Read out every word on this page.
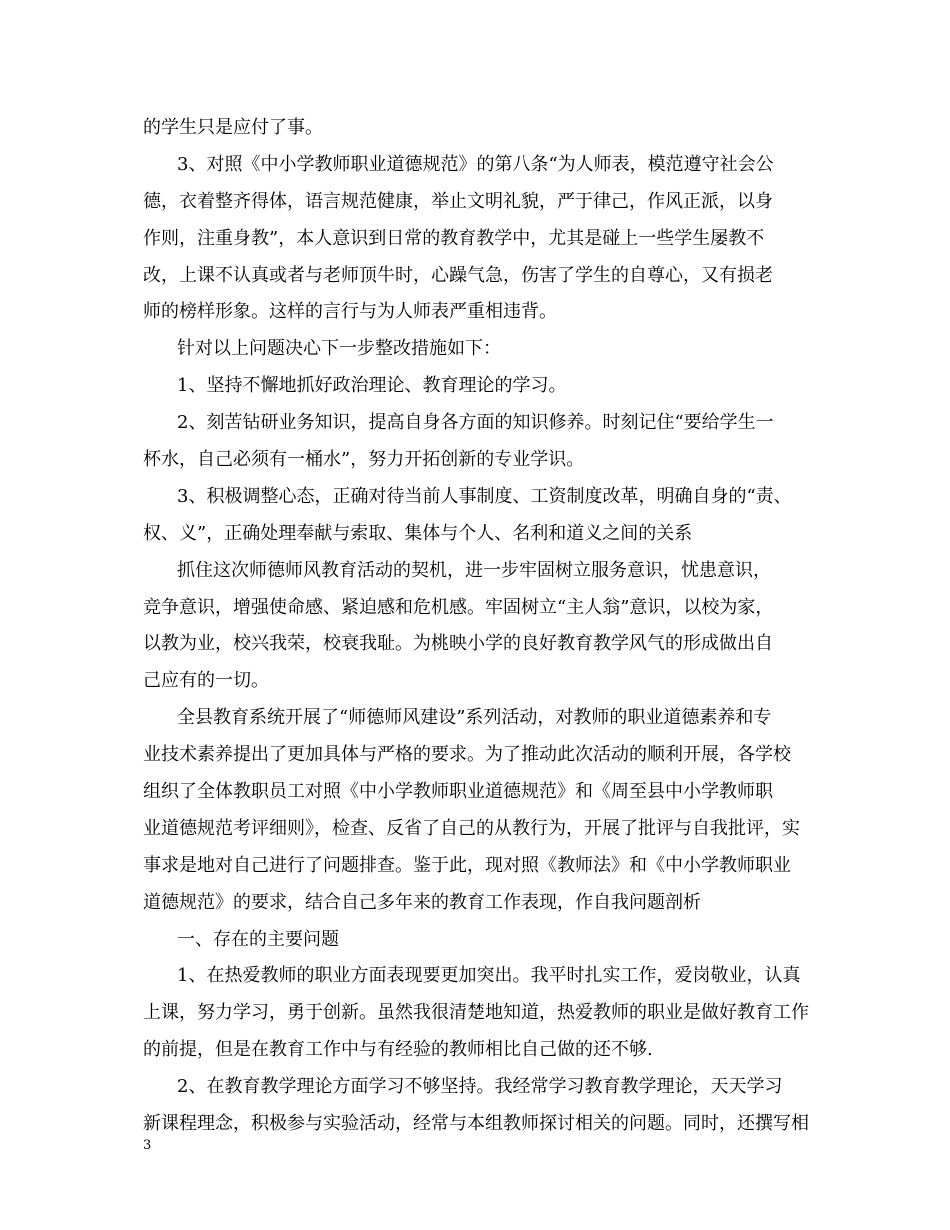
的学生只是应付了事。
3、对照《中小学教师职业道德规范》的第八条“为人师表，模范遵守社会公
德，衣着整齐得体，语言规范健康，举止文明礼貌，严于律己，作风正派，以身
作则，注重身教”，本人意识到日常的教育教学中，尤其是碰上一些学生屡教不
改，上课不认真或者与老师顶牛时，心躁气急，伤害了学生的自尊心，又有损老
师的榜样形象。这样的言行与为人师表严重相违背。
针对以上问题决心下一步整改措施如下：
1、坚持不懈地抓好政治理论、教育理论的学习。
2、刻苦钻研业务知识，提高自身各方面的知识修养。时刻记住“要给学生一
杯水，自己必须有一桶水”，努力开拓创新的专业学识。
3、积极调整心态，正确对待当前人事制度、工资制度改革，明确自身的“责、
权、义”，正确处理奉献与索取、集体与个人、名利和道义之间的关系
抓住这次师德师风教育活动的契机，进一步牢固树立服务意识，忧患意识，
竞争意识，增强使命感、紧迫感和危机感。牢固树立“主人翁”意识，以校为家，
以教为业，校兴我荣，校衰我耻。为桃映小学的良好教育教学风气的形成做出自
己应有的一切。
全县教育系统开展了“师德师风建设”系列活动，对教师的职业道德素养和专
业技术素养提出了更加具体与严格的要求。为了推动此次活动的顺利开展，各学校
组织了全体教职员工对照《中小学教师职业道德规范》和《周至县中小学教师职
业道德规范考评细则》，检查、反省了自己的从教行为，开展了批评与自我批评，实
事求是地对自己进行了问题排查。鉴于此，现对照《教师法》和《中小学教师职业
道德规范》的要求，结合自己多年来的教育工作表现，作自我问题剖析
一、存在的主要问题
1、在热爱教师的职业方面表现要更加突出。我平时扎实工作，爱岗敬业，认真
上课，努力学习，勇于创新。虽然我很清楚地知道，热爱教师的职业是做好教育工作
的前提，但是在教育工作中与有经验的教师相比自己做的还不够.
2、在教育教学理论方面学习不够坚持。我经常学习教育教学理论，天天学习
新课程理念，积极参与实验活动，经常与本组教师探讨相关的问题。同时，还撰写相
3
